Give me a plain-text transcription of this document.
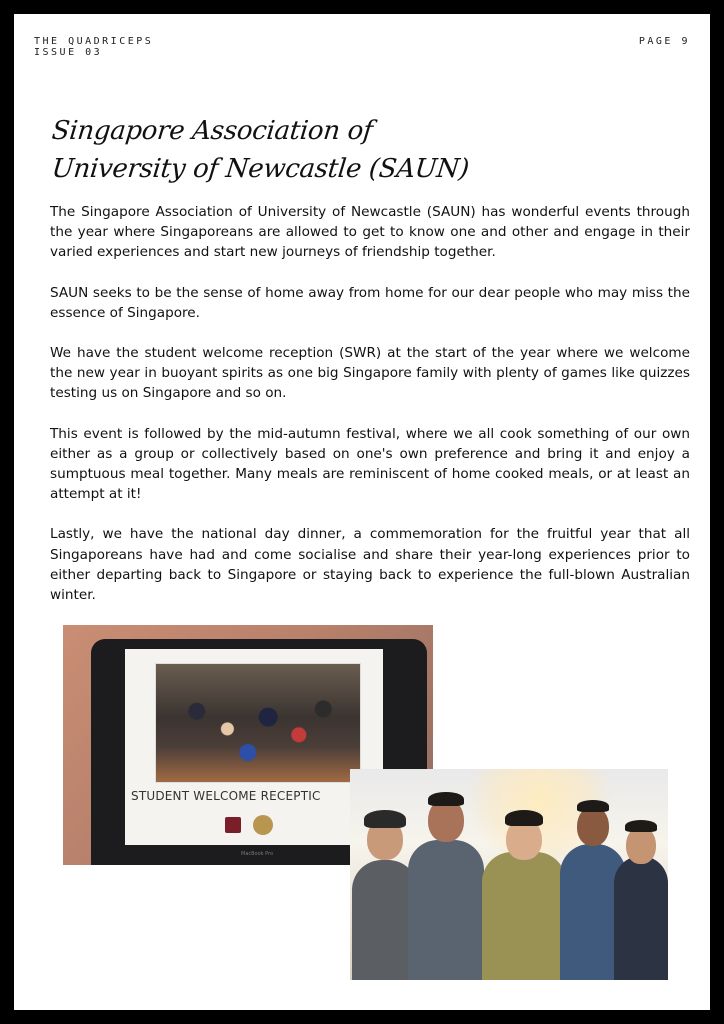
THE QUADRICEPS
ISSUE 03
PAGE 9
Singapore Association of
University of Newcastle (SAUN)

The Singapore Association of University of Newcastle (SAUN) has wonderful events through the year where Singaporeans are allowed to get to know one and other and engage in their varied experiences and start new journeys of friendship together.

SAUN seeks to be the sense of home away from home for our dear people who may miss the essence of Singapore.

We have the student welcome reception (SWR) at the start of the year where we welcome the new year in buoyant spirits as one big Singapore family with plenty of games like quizzes testing us on Singapore and so on.

This event is followed by the mid-autumn festival, where we all cook something of our own either as a group or collectively based on one's own preference and bring it and enjoy a sumptuous meal together. Many meals are reminiscent of home cooked meals, or at least an attempt at it!

Lastly, we have the national day dinner, a commemoration for the fruitful year that all Singaporeans have had and come socialise and share their year-long experiences prior to either departing back to Singapore or staying back to experience the full-blown Australian winter.

STUDENT WELCOME RECEPTIC
MacBook Pro
